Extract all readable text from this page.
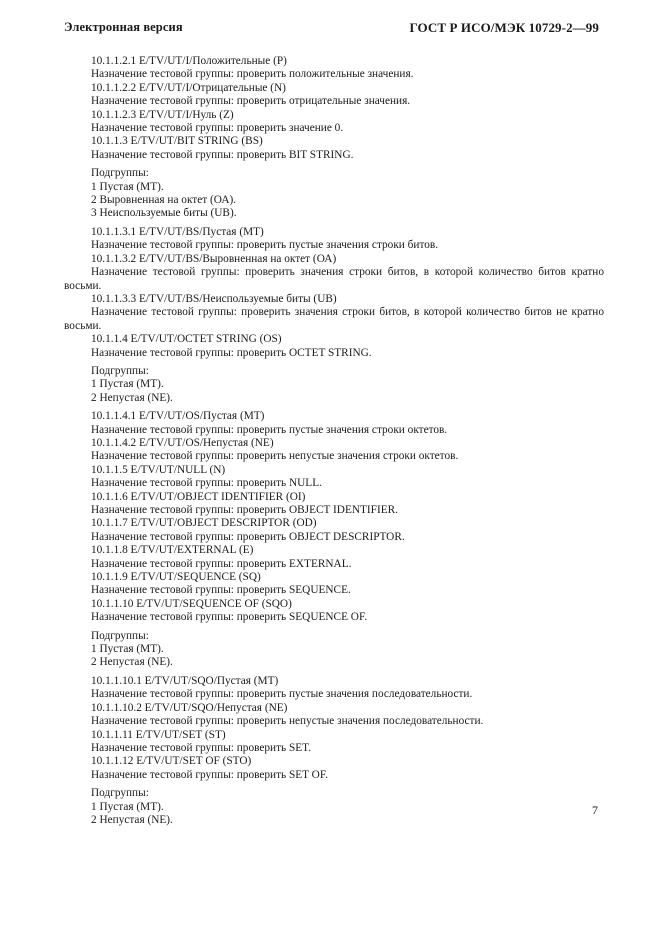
Электронная версия	ГОСТ Р ИСО/МЭК 10729-2—99
10.1.1.2.1 E/TV/UT/I/Положительные (P)
Назначение тестовой группы: проверить положительные значения.
10.1.1.2.2 E/TV/UT/I/Отрицательные (N)
Назначение тестовой группы: проверить отрицательные значения.
10.1.1.2.3 E/TV/UT/I/Нуль (Z)
Назначение тестовой группы: проверить значение 0.
10.1.1.3 E/TV/UT/BIT STRING (BS)
Назначение тестовой группы: проверить BIT STRING.
Подгруппы:
1 Пустая (МТ).
2 Выровненная на октет (ОА).
3 Неиспользуемые биты (UB).
10.1.1.3.1 E/TV/UT/BS/Пустая (МТ)
Назначение тестовой группы: проверить пустые значения строки битов.
10.1.1.3.2 E/TV/UT/BS/Выровненная на октет (ОА)
Назначение тестовой группы: проверить значения строки битов, в которой количество битов кратно восьми.
10.1.1.3.3 E/TV/UT/BS/Неиспользуемые биты (UB)
Назначение тестовой группы: проверить значения строки битов, в которой количество битов не кратно восьми.
10.1.1.4 E/TV/UT/OCTET STRING (OS)
Назначение тестовой группы: проверить OCTET STRING.
Подгруппы:
1 Пустая (МТ).
2 Непустая (NE).
10.1.1.4.1 E/TV/UT/OS/Пустая (МТ)
Назначение тестовой группы: проверить пустые значения строки октетов.
10.1.1.4.2 E/TV/UT/OS/Непустая (NE)
Назначение тестовой группы: проверить непустые значения строки октетов.
10.1.1.5 E/TV/UT/NULL (N)
Назначение тестовой группы: проверить NULL.
10.1.1.6 E/TV/UT/OBJECT IDENTIFIER (OI)
Назначение тестовой группы: проверить OBJECT IDENTIFIER.
10.1.1.7 E/TV/UT/OBJECT DESCRIPTOR (OD)
Назначение тестовой группы: проверить OBJECT DESCRIPTOR.
10.1.1.8 E/TV/UT/EXTERNAL (E)
Назначение тестовой группы: проверить EXTERNAL.
10.1.1.9 E/TV/UT/SEQUENCE (SQ)
Назначение тестовой группы: проверить SEQUENCE.
10.1.1.10 E/TV/UT/SEQUENCE OF (SQO)
Назначение тестовой группы: проверить SEQUENCE OF.
Подгруппы:
1 Пустая (МТ).
2 Непустая (NE).
10.1.1.10.1 E/TV/UT/SQO/Пустая (МТ)
Назначение тестовой группы: проверить пустые значения последовательности.
10.1.1.10.2 E/TV/UT/SQO/Непустая (NE)
Назначение тестовой группы: проверить непустые значения последовательности.
10.1.1.11 E/TV/UT/SET (ST)
Назначение тестовой группы: проверить SET.
10.1.1.12 E/TV/UT/SET OF (STO)
Назначение тестовой группы: проверить SET OF.
Подгруппы:
1 Пустая (МТ).
2 Непустая (NE).
7
